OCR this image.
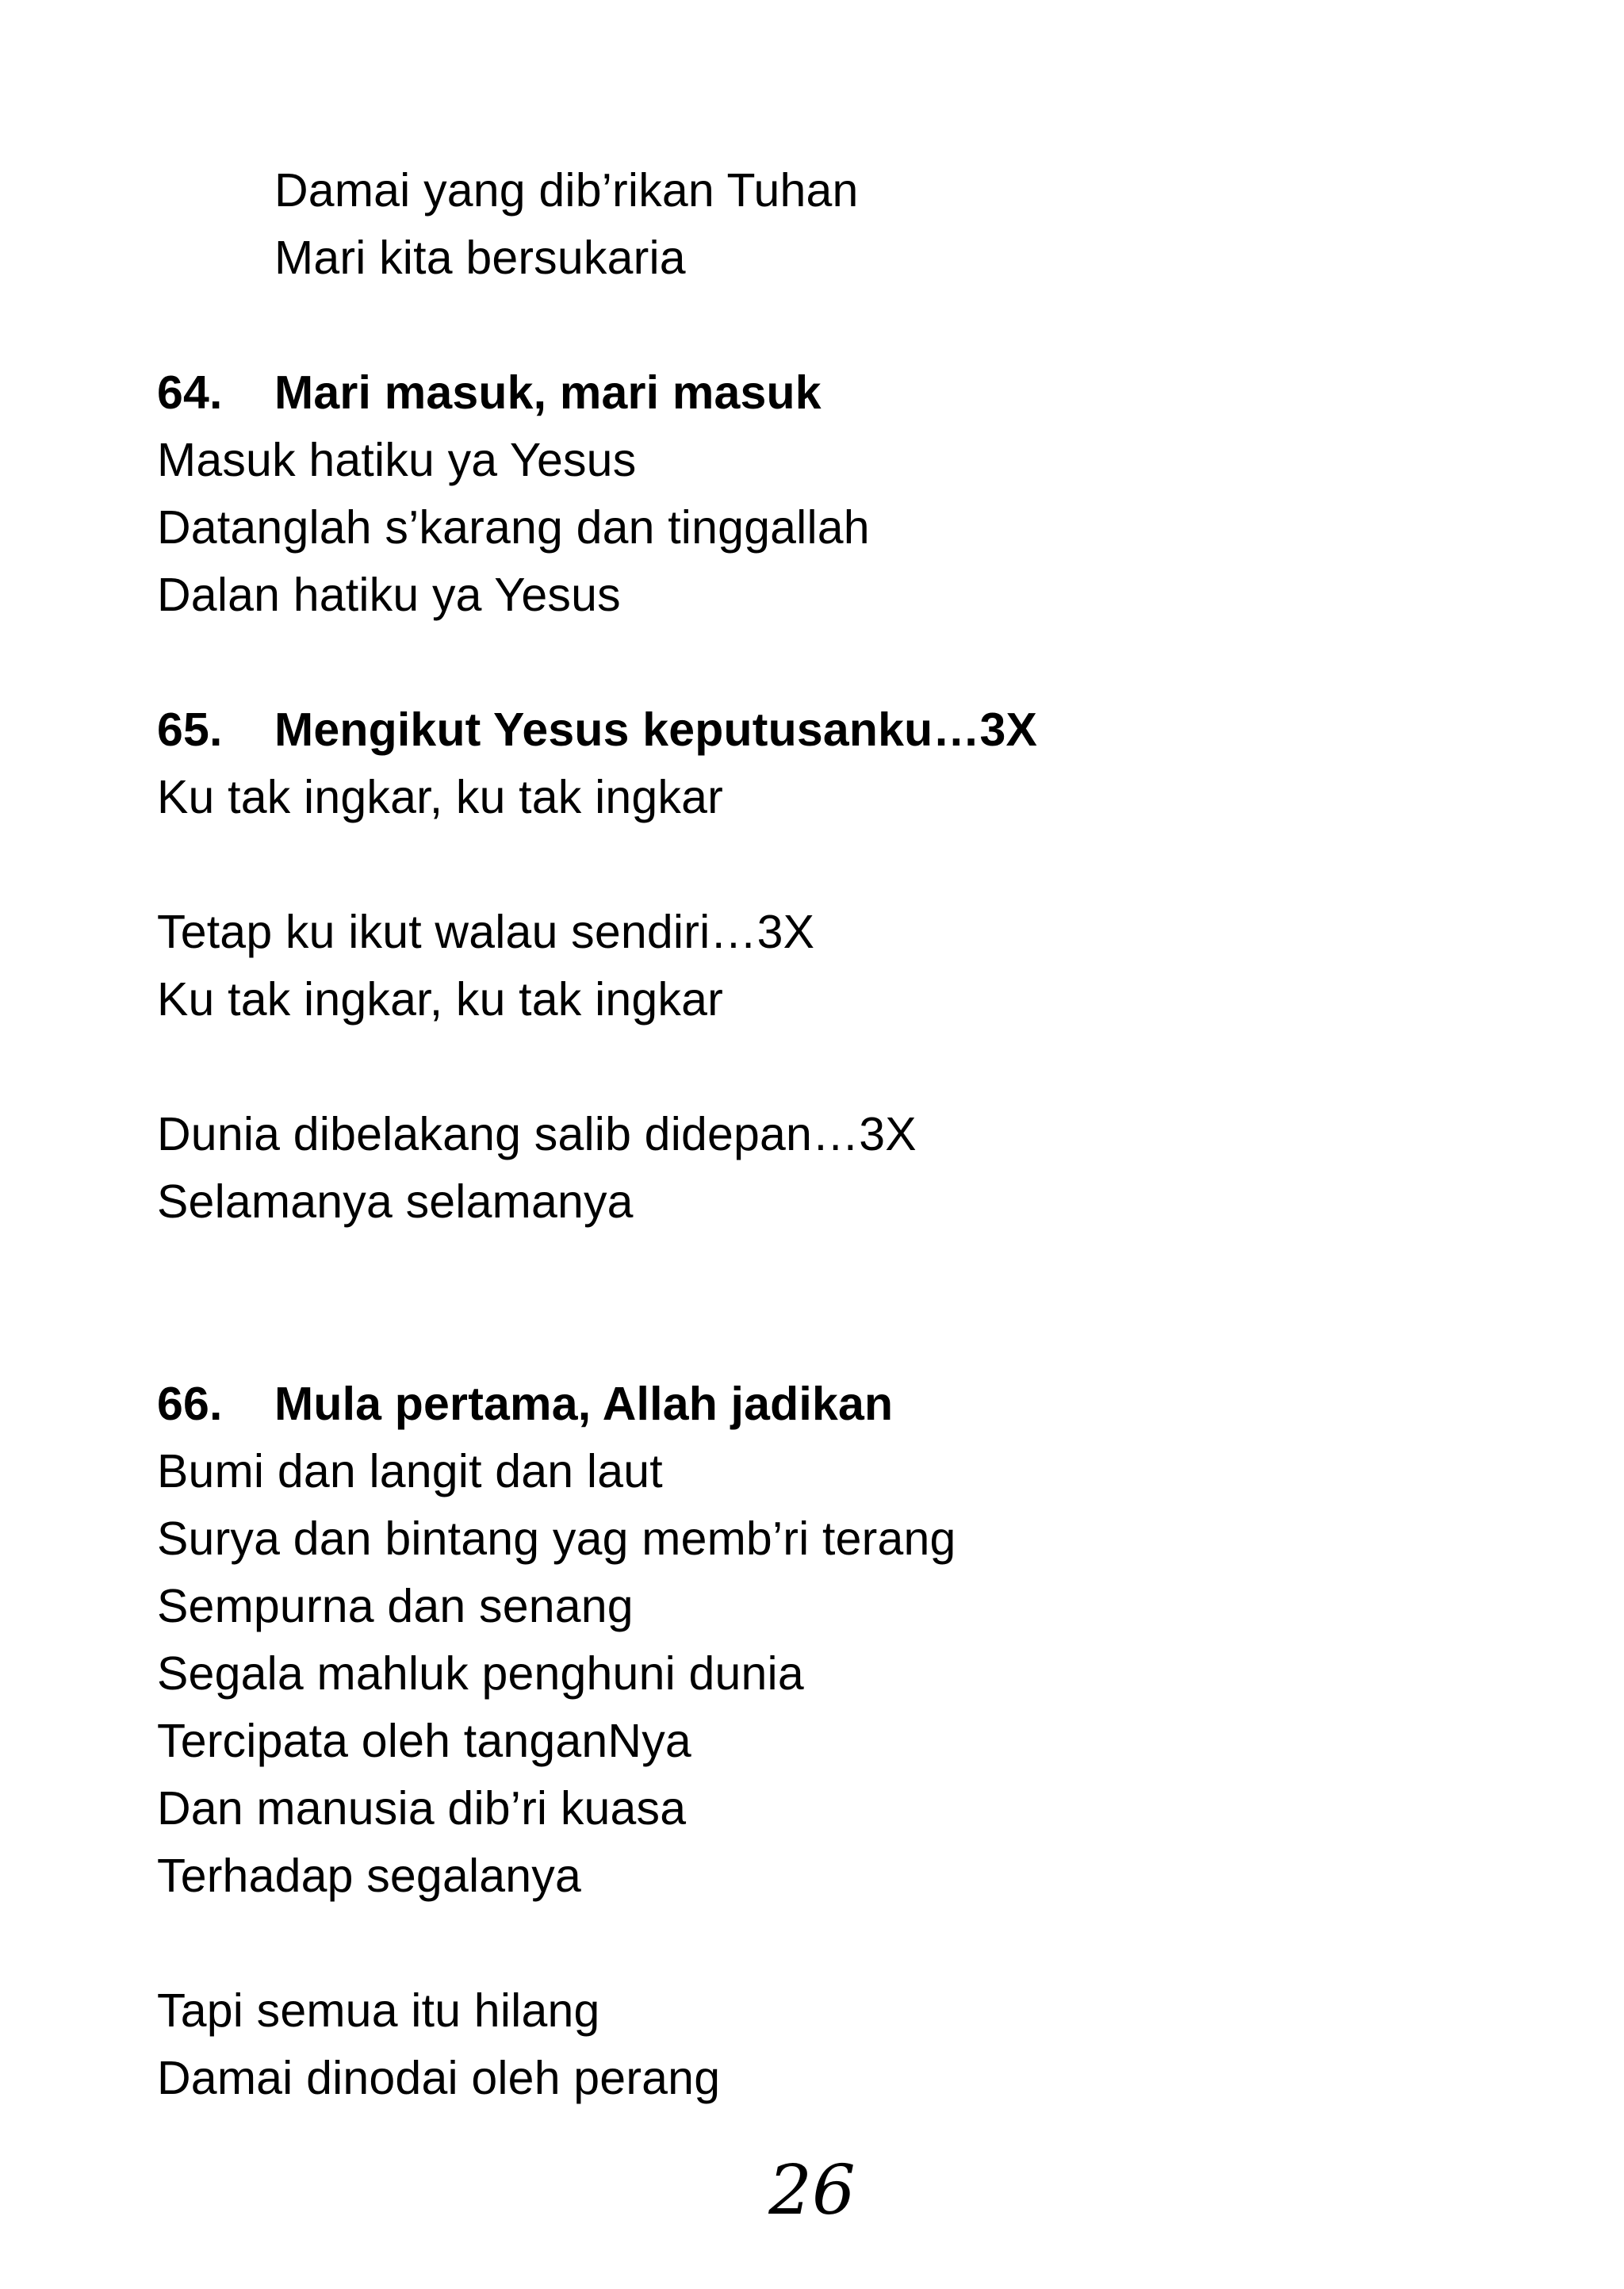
Damai yang dib’rikan Tuhan
Mari kita bersukaria
64. Mari masuk, mari masuk
Masuk hatiku ya Yesus
Datanglah s’karang dan tinggallah
Dalan hatiku ya Yesus
65. Mengikut Yesus keputusanku…3X
Ku tak ingkar, ku tak ingkar
Tetap ku ikut walau sendiri…3X
Ku tak ingkar, ku tak ingkar
Dunia dibelakang salib didepan…3X
Selamanya selamanya
66. Mula pertama, Allah jadikan
Bumi dan langit dan laut
Surya dan bintang yag memb’ri terang
Sempurna dan senang
Segala mahluk penghuni dunia
Tercipata oleh tanganNya
Dan manusia dib’ri kuasa
Terhadap segalanya
Tapi semua itu hilang
Damai dinodai oleh perang
26
